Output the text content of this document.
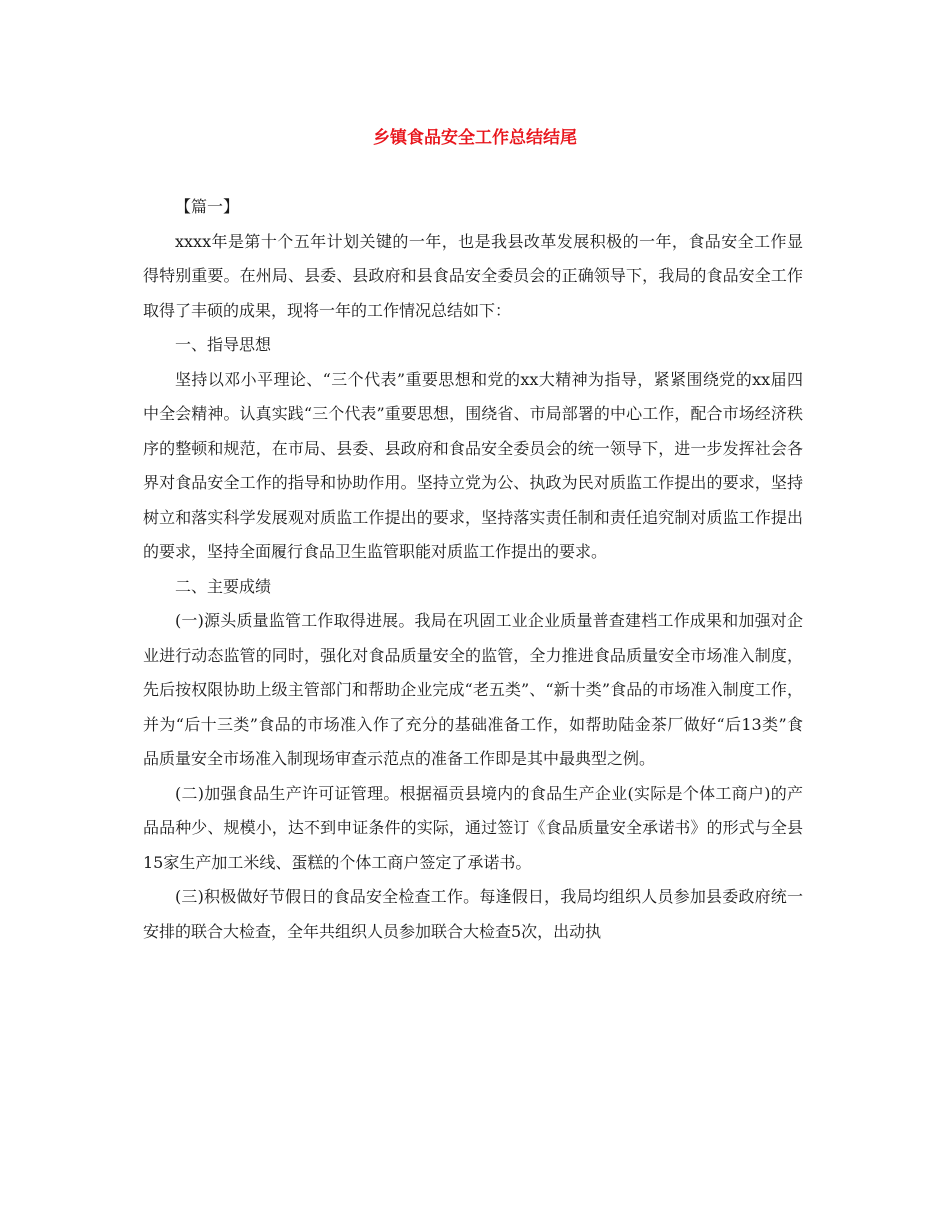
乡镇食品安全工作总结结尾

【篇一】

xxxx年是第十个五年计划关键的一年，也是我县改革发展积极的一年，食品安全工作显得特别重要。在州局、县委、县政府和县食品安全委员会的正确领导下，我局的食品安全工作取得了丰硕的成果，现将一年的工作情况总结如下：

一、指导思想

坚持以邓小平理论、“三个代表”重要思想和党的xx大精神为指导，紧紧围绕党的xx届四中全会精神。认真实践“三个代表”重要思想，围绕省、市局部署的中心工作，配合市场经济秩序的整顿和规范，在市局、县委、县政府和食品安全委员会的统一领导下，进一步发挥社会各界对食品安全工作的指导和协助作用。坚持立党为公、执政为民对质监工作提出的要求，坚持树立和落实科学发展观对质监工作提出的要求，坚持落实责任制和责任追究制对质监工作提出的要求，坚持全面履行食品卫生监管职能对质监工作提出的要求。

二、主要成绩

(一)源头质量监管工作取得进展。我局在巩固工业企业质量普查建档工作成果和加强对企业进行动态监管的同时，强化对食品质量安全的监管，全力推进食品质量安全市场准入制度，先后按权限协助上级主管部门和帮助企业完成“老五类”、“新十类”食品的市场准入制度工作，并为“后十三类”食品的市场准入作了充分的基础准备工作，如帮助陆金茶厂做好“后13类”食品质量安全市场准入制现场审查示范点的准备工作即是其中最典型之例。

(二)加强食品生产许可证管理。根据福贡县境内的食品生产企业(实际是个体工商户)的产品品种少、规模小，达不到申证条件的实际，通过签订《食品质量安全承诺书》的形式与全县15家生产加工米线、蛋糕的个体工商户签定了承诺书。

(三)积极做好节假日的食品安全检查工作。每逢假日，我局均组织人员参加县委政府统一安排的联合大检查，全年共组织人员参加联合大检查5次，出动执
